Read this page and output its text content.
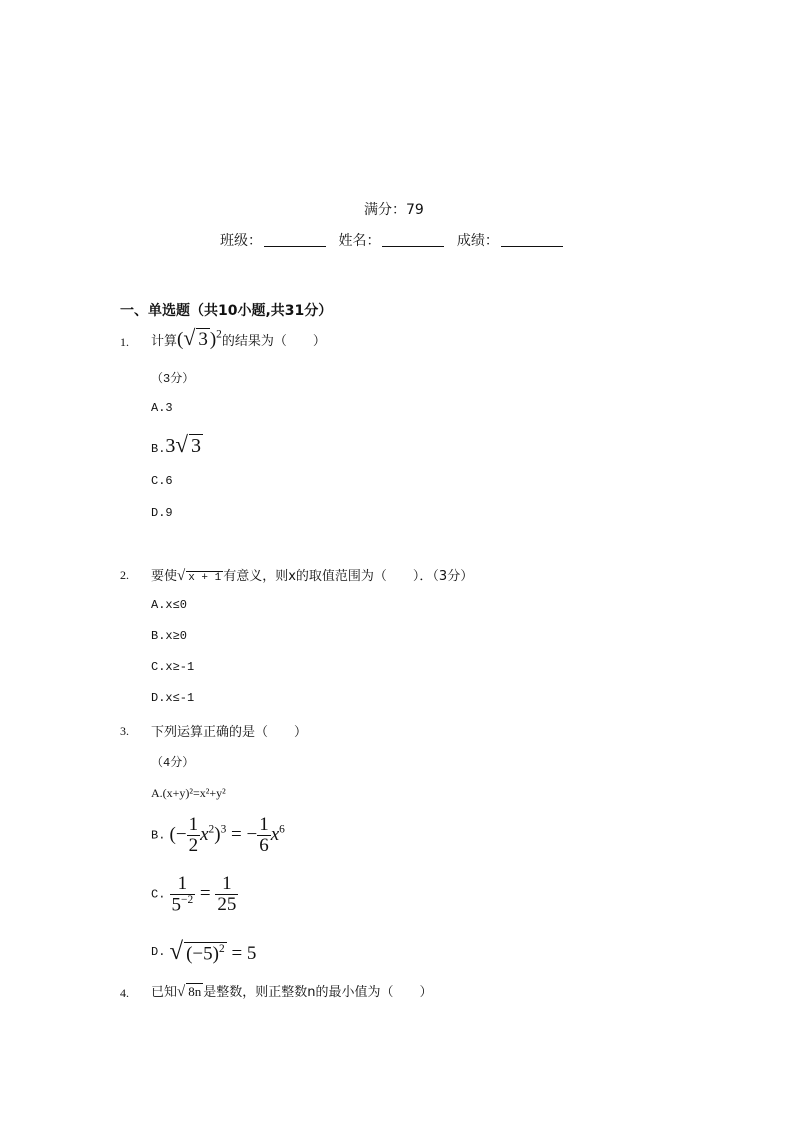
满分：79
班级：	姓名：	成绩：
一、单选题（共10小题,共31分）
1. 计算(√ 3 )$^2$的结果为（　　）
（3分）
A.3
B.3√ 3
C.6
D.9
2. 要使√ x + 1 有意义，则x的取值范围为（　　）．（3分）
A.x≤0
B.x≥0
C.x≥-1
D.x≤-1
3. 下列运算正确的是（　　）
（4分）
A.(x+y)²=x²+y²
B. (− $\frac{1}{2} x^2)^3$ = − $\frac{1}{6} x^6$
C. $\frac{1}{5^{-2}} = \frac{1}{25}$
D. √ $(-5)^2 = 5$
4. 已知√ 8n 是整数，则正整数n的最小值为（　　）
